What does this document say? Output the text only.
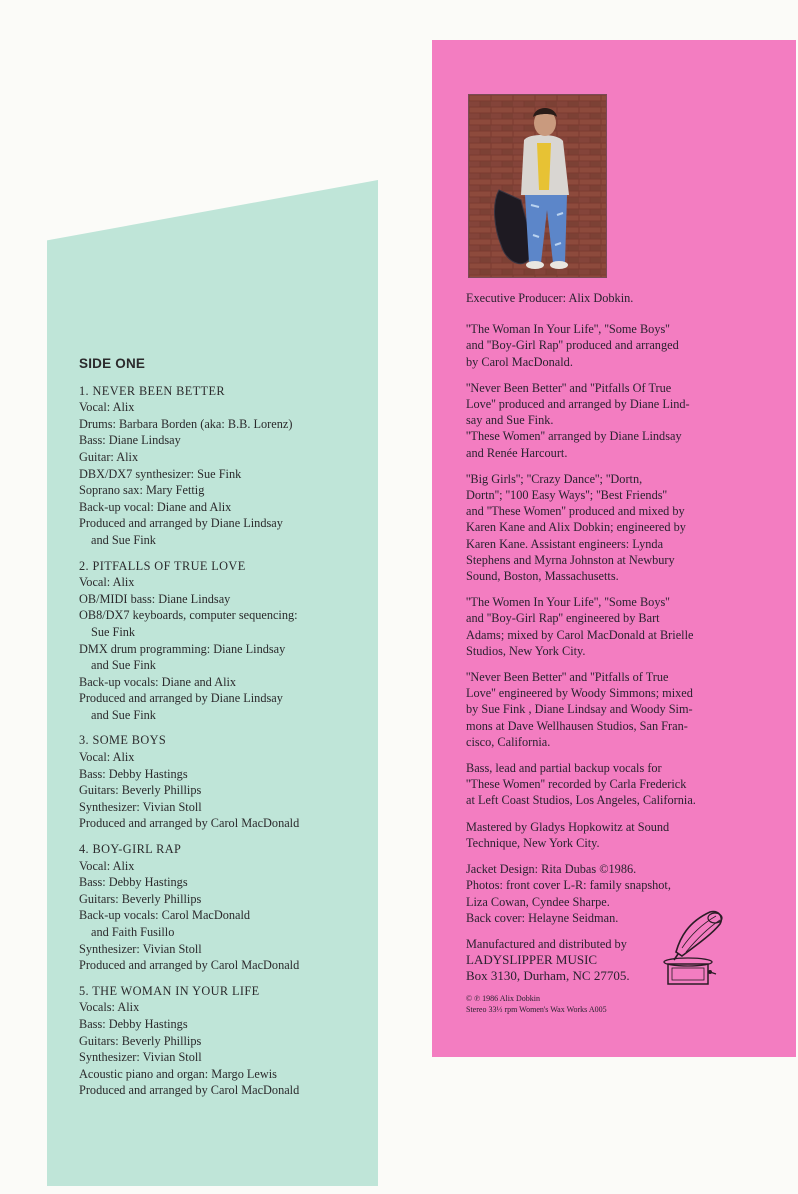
SIDE ONE
1. NEVER BEEN BETTER
Vocal: Alix
Drums: Barbara Borden (aka: B.B. Lorenz)
Bass: Diane Lindsay
Guitar: Alix
DBX/DX7 synthesizer: Sue Fink
Soprano sax: Mary Fettig
Back-up vocal: Diane and Alix
Produced and arranged by Diane Lindsay
and Sue Fink
2. PITFALLS OF TRUE LOVE
Vocal: Alix
OB/MIDI bass: Diane Lindsay
OB8/DX7 keyboards, computer sequencing:
Sue Fink
DMX drum programming: Diane Lindsay
and Sue Fink
Back-up vocals: Diane and Alix
Produced and arranged by Diane Lindsay
and Sue Fink
3. SOME BOYS
Vocal: Alix
Bass: Debby Hastings
Guitars: Beverly Phillips
Synthesizer: Vivian Stoll
Produced and arranged by Carol MacDonald
4. BOY-GIRL RAP
Vocal: Alix
Bass: Debby Hastings
Guitars: Beverly Phillips
Back-up vocals: Carol MacDonald
and Faith Fusillo
Synthesizer: Vivian Stoll
Produced and arranged by Carol MacDonald
5. THE WOMAN IN YOUR LIFE
Vocals: Alix
Bass: Debby Hastings
Guitars: Beverly Phillips
Synthesizer: Vivian Stoll
Acoustic piano and organ: Margo Lewis
Produced and arranged by Carol MacDonald
Executive Producer: Alix Dobkin.
''The Woman In Your Life'', ''Some Boys''
and ''Boy-Girl Rap'' produced and arranged
by Carol MacDonald.
''Never Been Better'' and ''Pitfalls Of True
Love'' produced and arranged by Diane Lind-
say and Sue Fink.
''These Women'' arranged by Diane Lindsay
and Renée Harcourt.
''Big Girls''; ''Crazy Dance''; ''Dortn,
Dortn''; ''100 Easy Ways''; ''Best Friends''
and ''These Women'' produced and mixed by
Karen Kane and Alix Dobkin; engineered by
Karen Kane. Assistant engineers: Lynda
Stephens and Myrna Johnston at Newbury
Sound, Boston, Massachusetts.
''The Women In Your Life'', ''Some Boys''
and ''Boy-Girl Rap'' engineered by Bart
Adams; mixed by Carol MacDonald at Brielle
Studios, New York City.
''Never Been Better'' and ''Pitfalls of True
Love'' engineered by Woody Simmons; mixed
by Sue Fink , Diane Lindsay and Woody Sim-
mons at Dave Wellhausen Studios, San Fran-
cisco, California.
Bass, lead and partial backup vocals for
''These Women'' recorded by Carla Frederick
at Left Coast Studios, Los Angeles, California.
Mastered by Gladys Hopkowitz at Sound
Technique, New York City.
Jacket Design: Rita Dubas ©1986.
Photos: front cover L-R: family snapshot,
Liza Cowan, Cyndee Sharpe.
Back cover: Helayne Seidman.
Manufactured and distributed by
LADYSLIPPER MUSIC
Box 3130, Durham, NC 27705.
© ℗ 1986 Alix Dobkin
Stereo 33⅓ rpm Women's Wax Works A005
